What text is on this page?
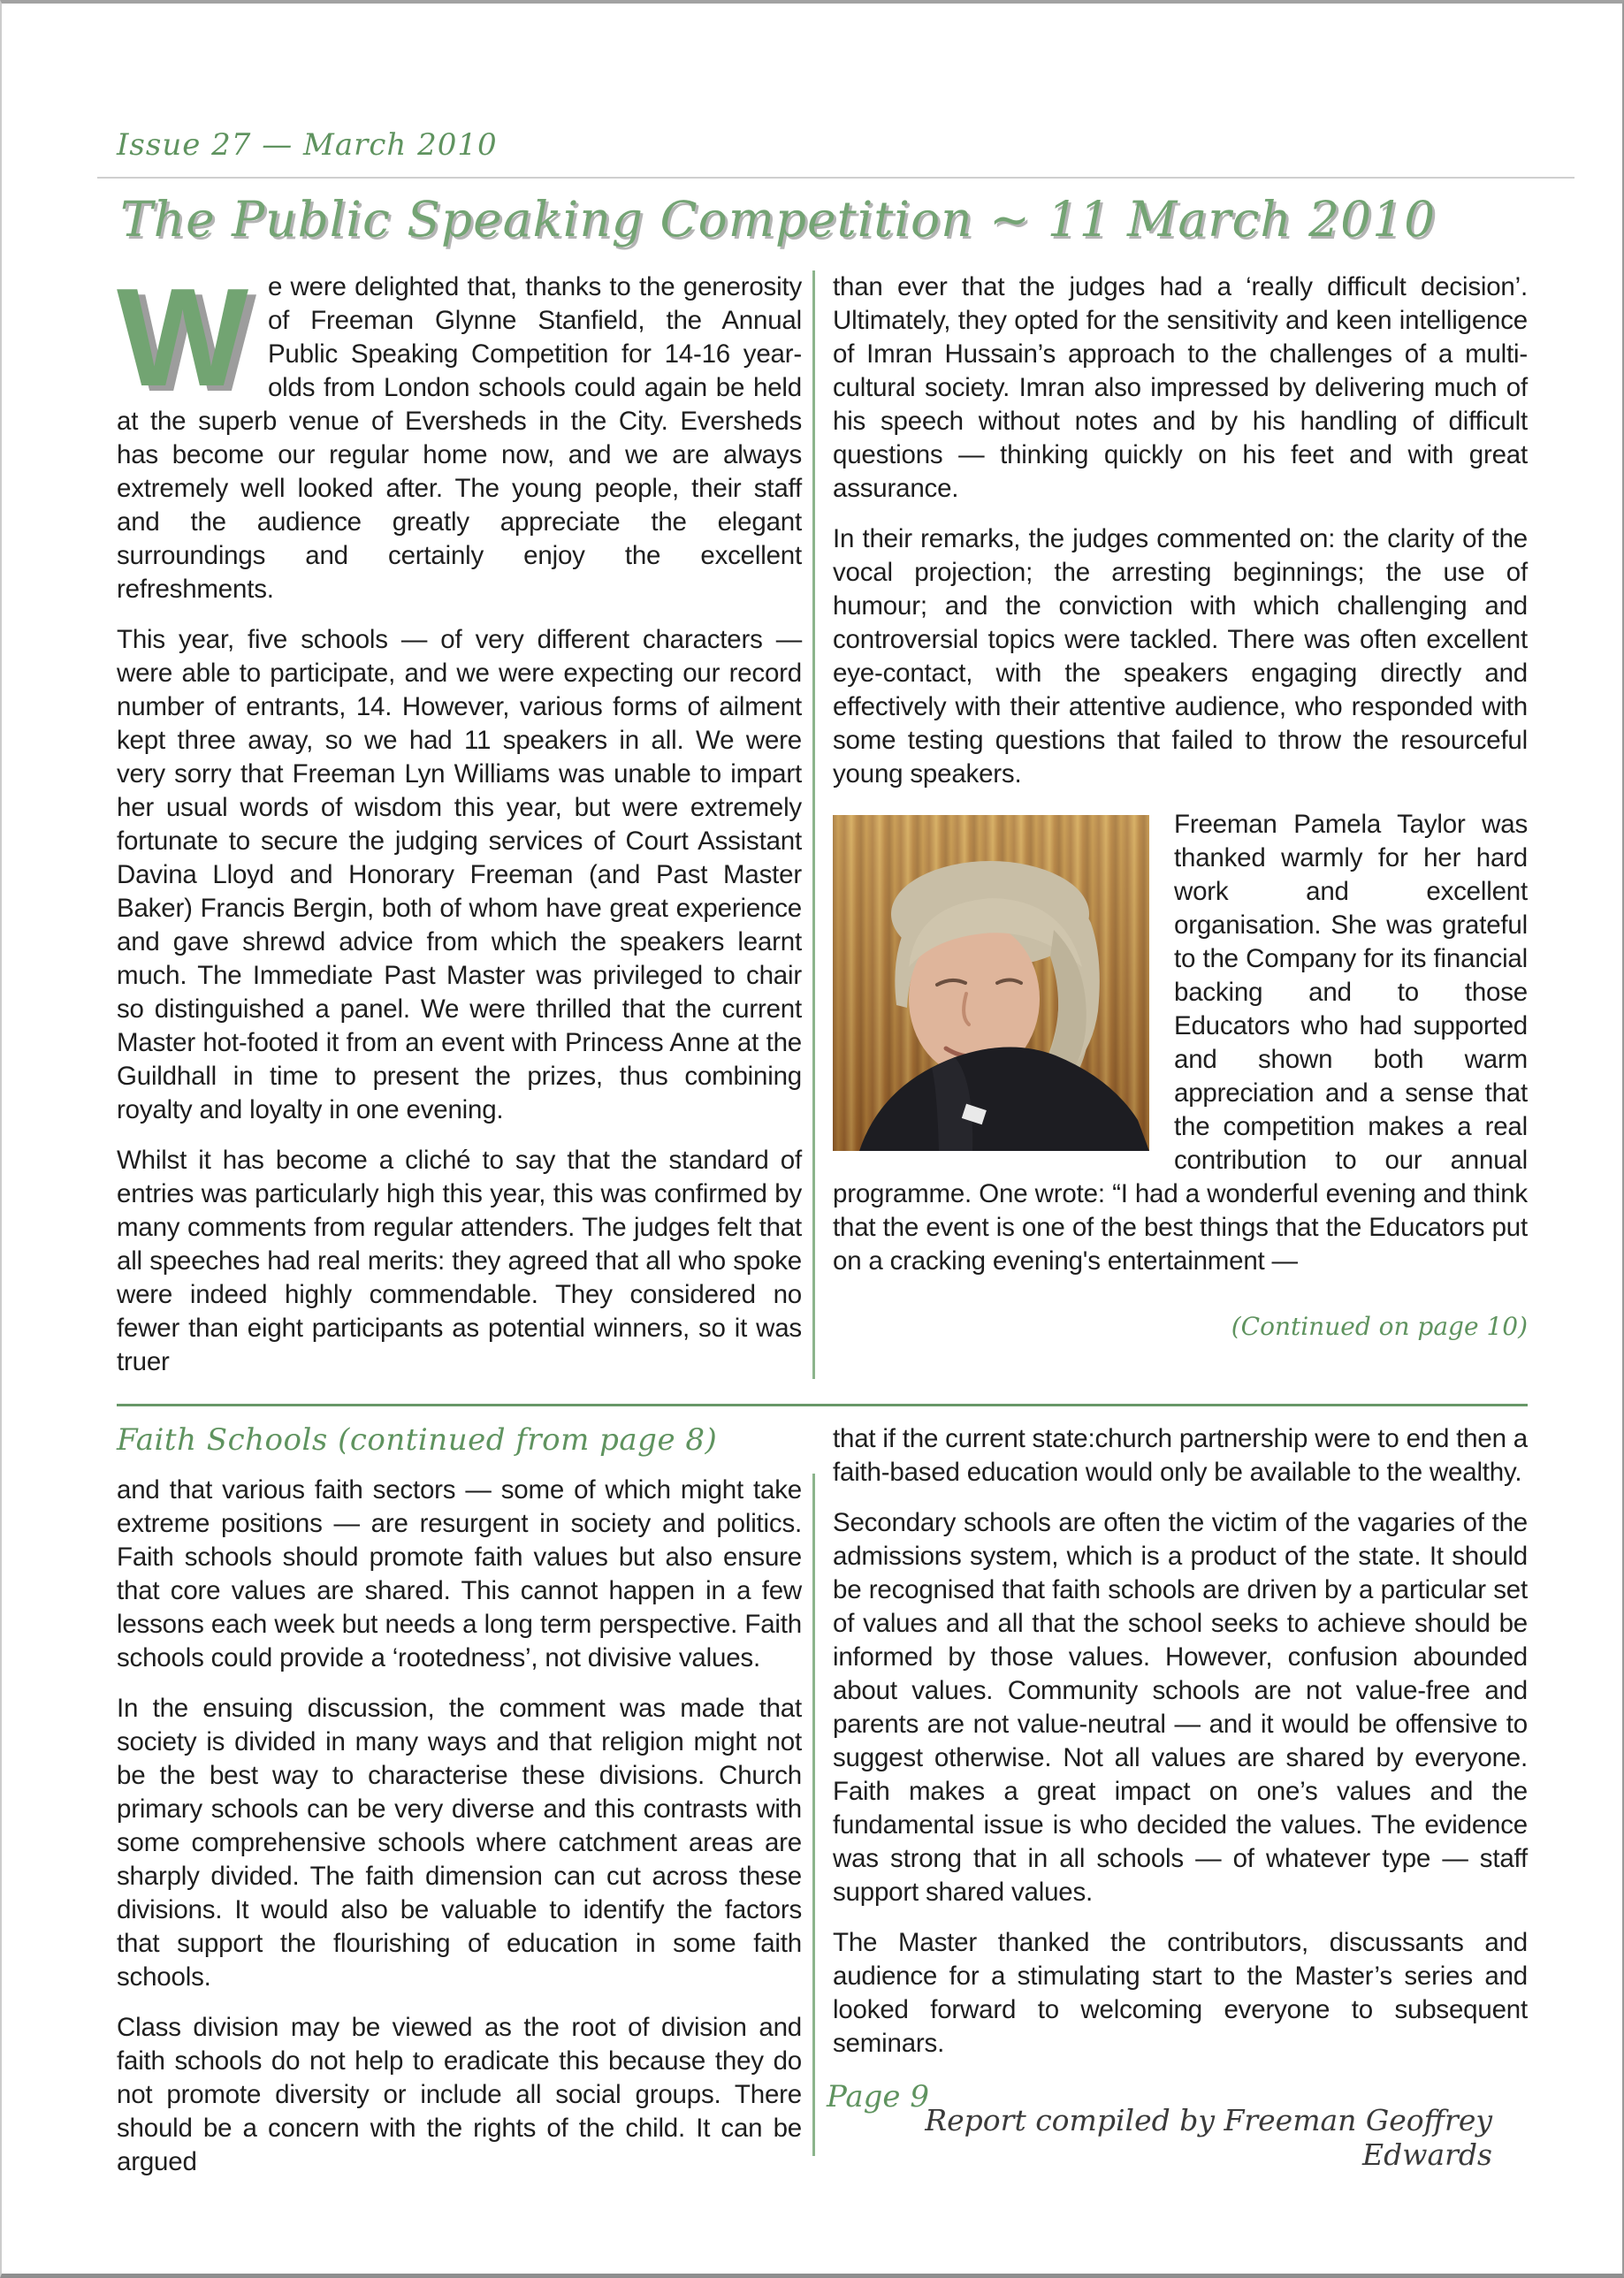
Issue 27 — March 2010
The Public Speaking Competition ~ 11 March 2010

W e were delighted that, thanks to the generosity of Freeman Glynne Stanfield, the Annual Public Speaking Competition for 14-16 year-olds from London schools could again be held at the superb venue of Eversheds in the City. Eversheds has become our regular home now, and we are always extremely well looked after. The young people, their staff and the audience greatly appreciate the elegant surroundings and certainly enjoy the excellent refreshments.

This year, five schools — of very different characters — were able to participate, and we were expecting our record number of entrants, 14. However, various forms of ailment kept three away, so we had 11 speakers in all. We were very sorry that Freeman Lyn Williams was unable to impart her usual words of wisdom this year, but were extremely fortunate to secure the judging services of Court Assistant Davina Lloyd and Honorary Freeman (and Past Master Baker) Francis Bergin, both of whom have great experience and gave shrewd advice from which the speakers learnt much. The Immediate Past Master was privileged to chair so distinguished a panel. We were thrilled that the current Master hot-footed it from an event with Princess Anne at the Guildhall in time to present the prizes, thus combining royalty and loyalty in one evening.

Whilst it has become a cliché to say that the standard of entries was particularly high this year, this was confirmed by many comments from regular attenders. The judges felt that all speeches had real merits: they agreed that all who spoke were indeed highly commendable. They considered no fewer than eight participants as potential winners, so it was truer

than ever that the judges had a ‘really difficult decision’. Ultimately, they opted for the sensitivity and keen intelligence of Imran Hussain’s approach to the challenges of a multi-cultural society. Imran also impressed by delivering much of his speech without notes and by his handling of difficult questions — thinking quickly on his feet and with great assurance.

In their remarks, the judges commented on: the clarity of the vocal projection; the arresting beginnings; the use of humour; and the conviction with which challenging and controversial topics were tackled. There was often excellent eye-contact, with the speakers engaging directly and effectively with their attentive audience, who responded with some testing questions that failed to throw the resourceful young speakers.

Freeman Pamela Taylor was thanked warmly for her hard work and excellent organisation. She was grateful to the Company for its financial backing and to those Educators who had supported and shown both warm appreciation and a sense that the competition makes a real contribution to our annual programme. One wrote: “I had a wonderful evening and think that the event is one of the best things that the Educators put on a cracking evening's entertainment —
(Continued on page 10)
Faith Schools (continued from page 8)

and that various faith sectors — some of which might take extreme positions — are resurgent in society and politics. Faith schools should promote faith values but also ensure that core values are shared. This cannot happen in a few lessons each week but needs a long term perspective. Faith schools could provide a ‘rootedness’, not divisive values.

In the ensuing discussion, the comment was made that society is divided in many ways and that religion might not be the best way to characterise these divisions. Church primary schools can be very diverse and this contrasts with some comprehensive schools where catchment areas are sharply divided. The faith dimension can cut across these divisions. It would also be valuable to identify the factors that support the flourishing of education in some faith schools.

Class division may be viewed as the root of division and faith schools do not help to eradicate this because they do not promote diversity or include all social groups. There should be a concern with the rights of the child. It can be argued

that if the current state:church partnership were to end then a faith-based education would only be available to the wealthy.

Secondary schools are often the victim of the vagaries of the admissions system, which is a product of the state. It should be recognised that faith schools are driven by a particular set of values and all that the school seeks to achieve should be informed by those values. However, confusion abounded about values. Community schools are not value-free and parents are not value-neutral — and it would be offensive to suggest otherwise. Not all values are shared by everyone. Faith makes a great impact on one’s values and the fundamental issue is who decided the values. The evidence was strong that in all schools — of whatever type — staff support shared values.

The Master thanked the contributors, discussants and audience for a stimulating start to the Master’s series and looked forward to welcoming everyone to subsequent seminars.

Report compiled by Freeman Geoffrey Edwards
Page 9
